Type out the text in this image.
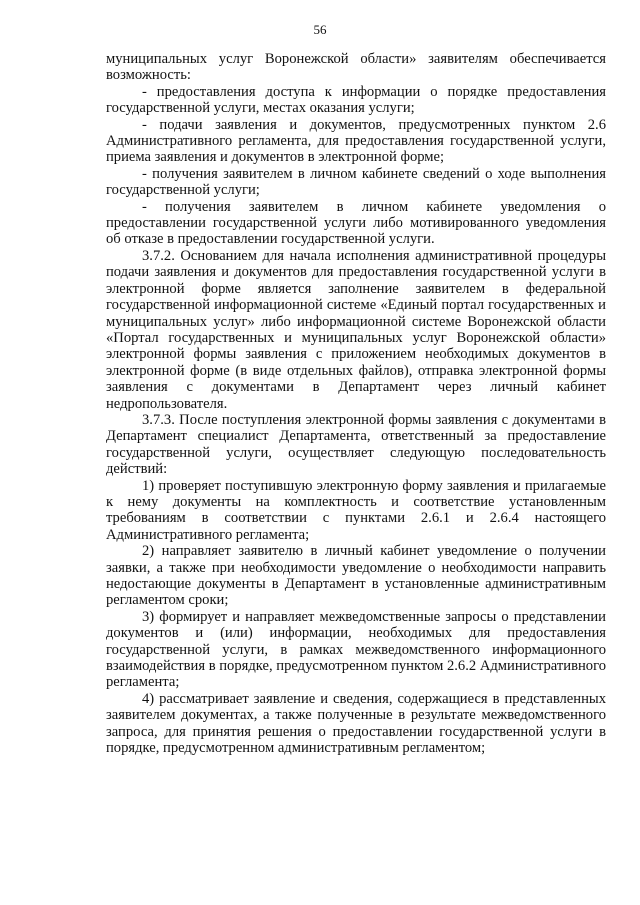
56

муниципальных услуг Воронежской области» заявителям обеспечивается возможность:

- предоставления доступа к информации о порядке предоставления государственной услуги, местах оказания услуги;

- подачи заявления и документов, предусмотренных пунктом 2.6 Административного регламента, для предоставления государственной услуги, приема заявления и документов в электронной форме;

- получения заявителем в личном кабинете сведений о ходе выполнения государственной услуги;

- получения заявителем в личном кабинете уведомления о предоставлении государственной услуги либо мотивированного уведомления об отказе в предоставлении государственной услуги.

3.7.2. Основанием для начала исполнения административной процедуры подачи заявления и документов для предоставления государственной услуги в электронной форме является заполнение заявителем в федеральной государственной информационной системе «Единый портал государственных и муниципальных услуг» либо информационной системе Воронежской области «Портал государственных и муниципальных услуг Воронежской области» электронной формы заявления с приложением необходимых документов в электронной форме (в виде отдельных файлов), отправка электронной формы заявления с документами в Департамент через личный кабинет недропользователя.

3.7.3. После поступления электронной формы заявления с документами в Департамент специалист Департамента, ответственный за предоставление государственной услуги, осуществляет следующую последовательность действий:

1) проверяет поступившую электронную форму заявления и прилагаемые к нему документы на комплектность и соответствие установленным требованиям в соответствии с пунктами 2.6.1 и 2.6.4 настоящего Административного регламента;

2) направляет заявителю в личный кабинет уведомление о получении заявки, а также при необходимости уведомление о необходимости направить недостающие документы в Департамент в установленные административным регламентом сроки;

3) формирует и направляет межведомственные запросы о представлении документов и (или) информации, необходимых для предоставления государственной услуги, в рамках межведомственного информационного взаимодействия в порядке, предусмотренном пунктом 2.6.2 Административного регламента;

4) рассматривает заявление и сведения, содержащиеся в представленных заявителем документах, а также полученные в результате межведомственного запроса, для принятия решения о предоставлении государственной услуги в порядке, предусмотренном административным регламентом;
